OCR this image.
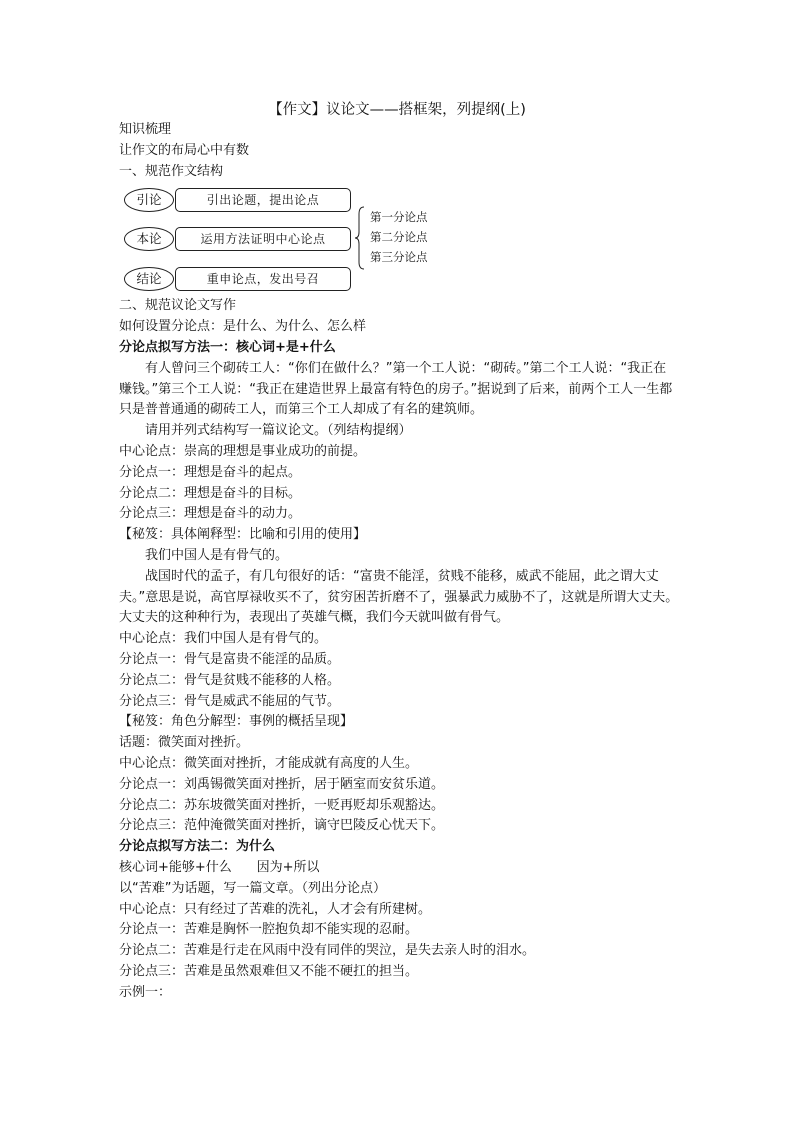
【作文】议论文——搭框架，列提纲(上)
知识梳理
让作文的布局心中有数
一、规范作文结构
引论	引出论题，提出论点
本论	运用方法证明中心论点
结论	重申论点，发出号召
第一分论点
第二分论点
第三分论点
二、规范议论文写作
如何设置分论点：是什么、为什么、怎么样
分论点拟写方法一：核心词+是+什么
有人曾问三个砌砖工人：“你们在做什么？”第一个工人说：“砌砖。”第二个工人说：“我正在赚钱。”第三个工人说：“我正在建造世界上最富有特色的房子。”据说到了后来，前两个工人一生都只是普普通通的砌砖工人，而第三个工人却成了有名的建筑师。
请用并列式结构写一篇议论文。（列结构提纲）
中心论点：崇高的理想是事业成功的前提。
分论点一：理想是奋斗的起点。
分论点二：理想是奋斗的目标。
分论点三：理想是奋斗的动力。
【秘笈：具体阐释型：比喻和引用的使用】
我们中国人是有骨气的。
战国时代的孟子，有几句很好的话：“富贵不能淫，贫贱不能移，威武不能屈，此之谓大丈夫。”意思是说，高官厚禄收买不了，贫穷困苦折磨不了，强暴武力威胁不了，这就是所谓大丈夫。大丈夫的这种种行为，表现出了英雄气概，我们今天就叫做有骨气。
中心论点：我们中国人是有骨气的。
分论点一：骨气是富贵不能淫的品质。
分论点二：骨气是贫贱不能移的人格。
分论点三：骨气是威武不能屈的气节。
【秘笈：角色分解型：事例的概括呈现】
话题：微笑面对挫折。
中心论点：微笑面对挫折，才能成就有高度的人生。
分论点一：刘禹锡微笑面对挫折，居于陋室而安贫乐道。
分论点二：苏东坡微笑面对挫折，一贬再贬却乐观豁达。
分论点三：范仲淹微笑面对挫折，谪守巴陵反心忧天下。
分论点拟写方法二：为什么
核心词+能够+什么      因为+所以
以“苦难”为话题，写一篇文章。（列出分论点）
中心论点：只有经过了苦难的洗礼，人才会有所建树。
分论点一：苦难是胸怀一腔抱负却不能实现的忍耐。
分论点二：苦难是行走在风雨中没有同伴的哭泣，是失去亲人时的泪水。
分论点三：苦难是虽然艰难但又不能不硬扛的担当。
示例一：
